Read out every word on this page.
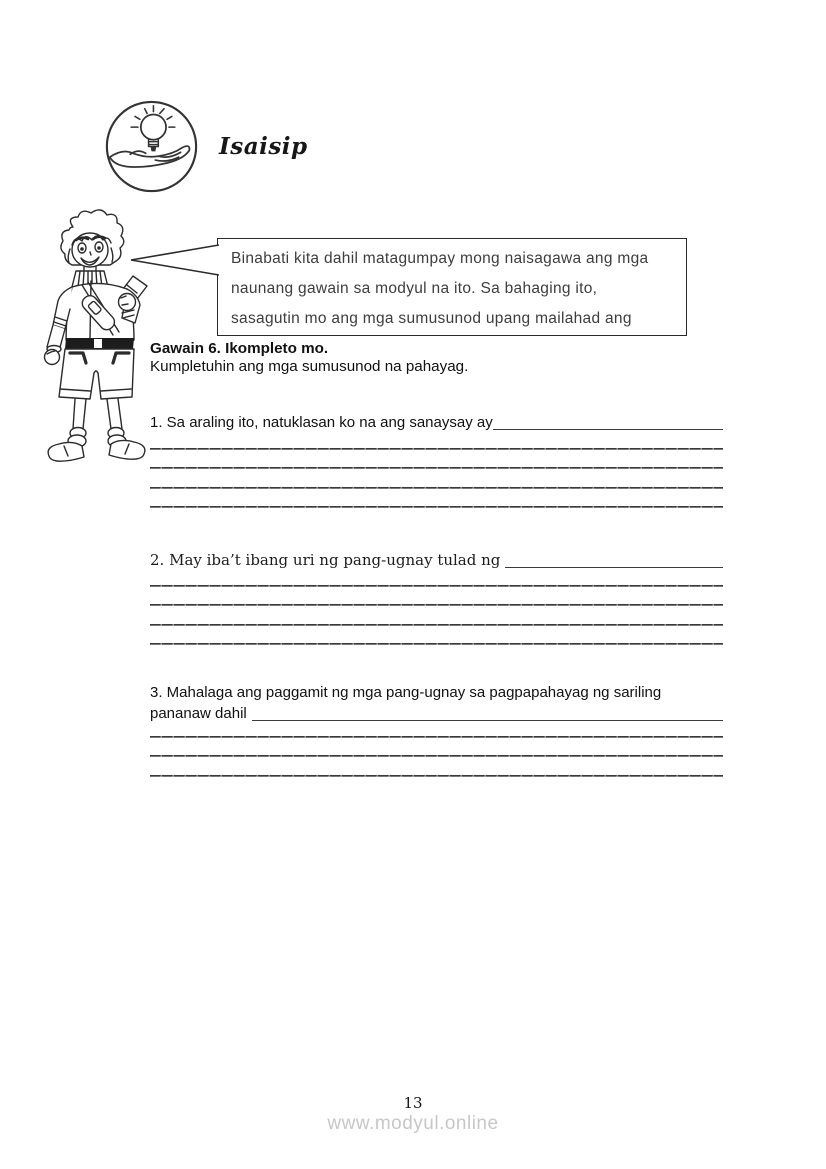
Isaisip
Binabati kita dahil matagumpay mong naisagawa ang mga
naunang gawain sa modyul na ito. Sa bahaging ito,
sasagutin mo ang mga sumusunod upang mailahad ang
Gawain 6. Ikompleto mo.
Kumpletuhin ang mga sumusunod na pahayag.
1. Sa araling ito, natuklasan ko na ang sanaysay ay
2. May iba’t ibang uri ng pang-ugnay tulad ng
3. Mahalaga ang paggamit ng mga pang-ugnay sa pagpapahayag ng sariling
pananaw dahil
13
www.modyul.online
